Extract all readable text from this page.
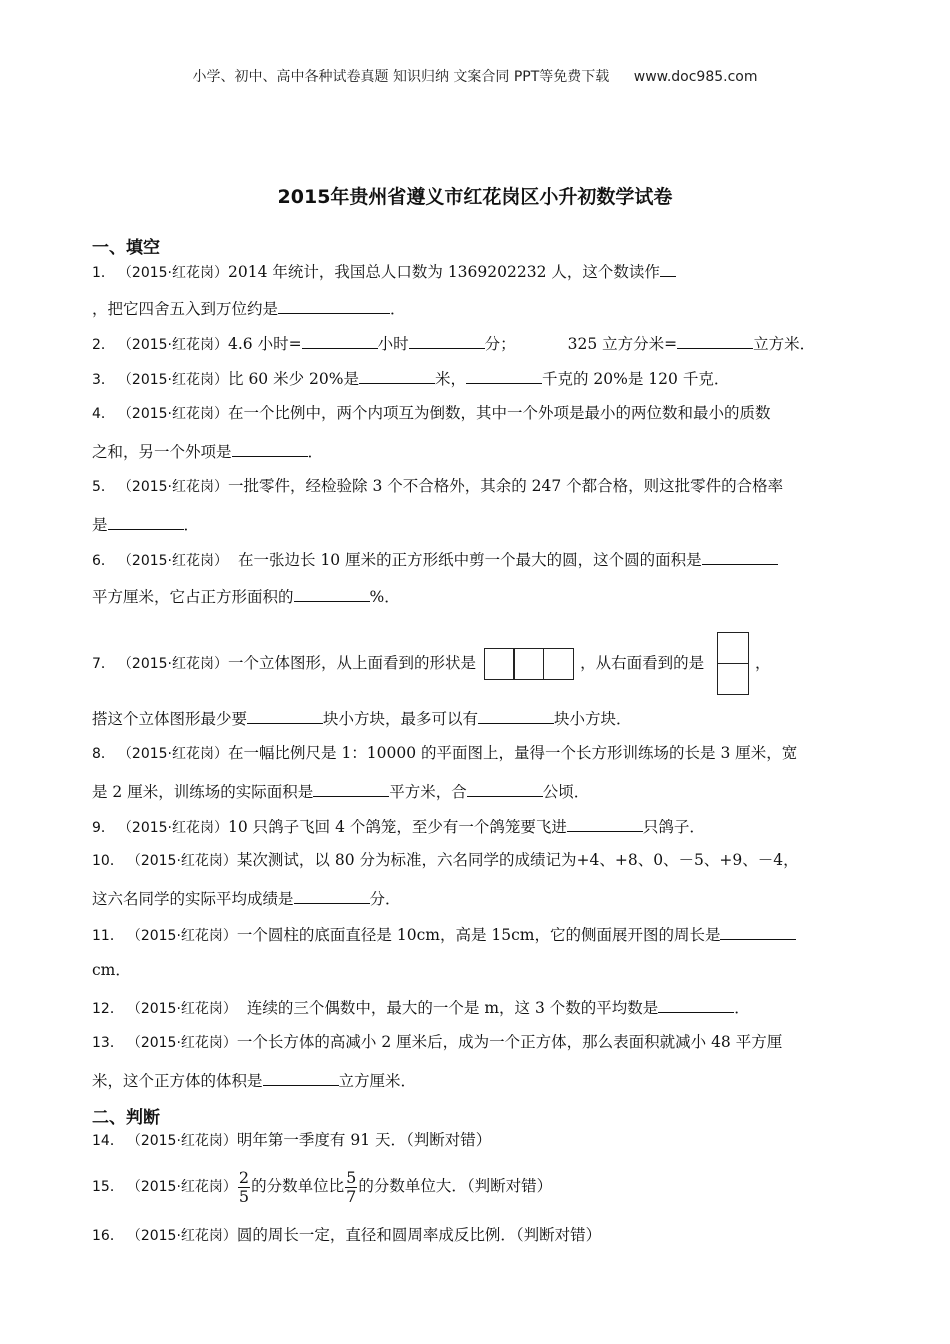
小学、初中、高中各种试卷真题 知识归纳 文案合同 PPT等免费下载 www.doc985.com
2015年贵州省遵义市红花岗区小升初数学试卷
一、填空
1． （2015·红花岗）2014 年统计，我国总人口数为 1369202232 人，这个数读作
，把它四舍五入到万位约是	．
2． （2015·红花岗）4.6 小时=	小时	分；	325 立方分米=	立方米．
3． （2015·红花岗）比 60 米少 20%是	米，	千克的 20%是 120 千克．
4． （2015·红花岗）在一个比例中，两个内项互为倒数，其中一个外项是最小的两位数和最小的质数
之和，另一个外项是	．
5． （2015·红花岗）一批零件，经检验除 3 个不合格外，其余的 247 个都合格，则这批零件的合格率
是	．
6． （2015·红花岗） 在一张边长 10 厘米的正方形纸中剪一个最大的圆，这个圆的面积是
平方厘米，它占正方形面积的	%．
7． （2015·红花岗）一个立体图形，从上面看到的形状是	，从右面看到的是	，
搭这个立体图形最少要	块小方块，最多可以有	块小方块．
8． （2015·红花岗）在一幅比例尺是 1：10000 的平面图上，量得一个长方形训练场的长是 3 厘米，宽
是 2 厘米，训练场的实际面积是	平方米，合	公顷．
9． （2015·红花岗）10 只鸽子飞回 4 个鸽笼，至少有一个鸽笼要飞进	只鸽子．
10． （2015·红花岗）某次测试，以 80 分为标准，六名同学的成绩记为+4、+8、0、－5、+9、－4，
这六名同学的实际平均成绩是	分．
11． （2015·红花岗）一个圆柱的底面直径是 10cm，高是 15cm，它的侧面展开图的周长是
cm．
12． （2015·红花岗） 连续的三个偶数中，最大的一个是 m，这 3 个数的平均数是	．
13． （2015·红花岗）一个长方体的高减小 2 厘米后，成为一个正方体，那么表面积就减小 48 平方厘
米，这个正方体的体积是	立方厘米．
二、判断
14． （2015·红花岗）明年第一季度有 91 天．（判断对错）
15． （2015·红花岗） $\frac{2}{5}$ 的分数单位比 $\frac{5}{7}$ 的分数单位大．（判断对错）
16． （2015·红花岗）圆的周长一定，直径和圆周率成反比例．（判断对错）
